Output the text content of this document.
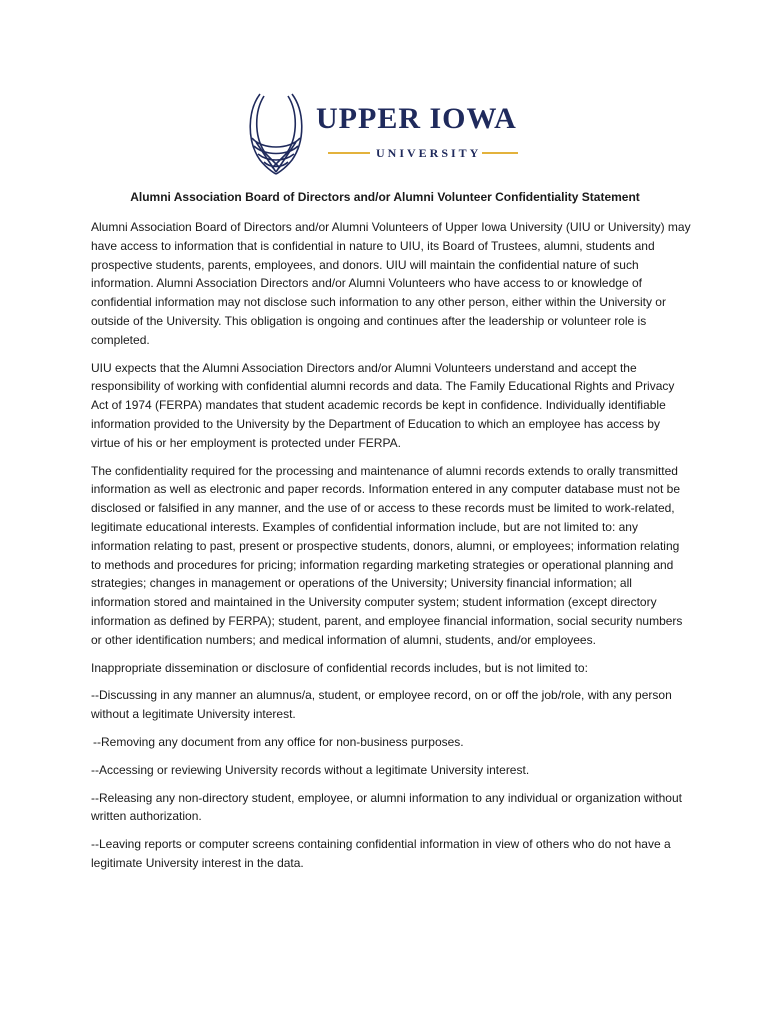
UPPER IOWA
UNIVERSITY
Alumni Association Board of Directors and/or Alumni Volunteer Confidentiality Statement

Alumni Association Board of Directors and/or Alumni Volunteers of Upper Iowa University (UIU or University) may have access to information that is confidential in nature to UIU, its Board of Trustees, alumni, students and prospective students, parents, employees, and donors. UIU will maintain the confidential nature of such information. Alumni Association Directors and/or Alumni Volunteers who have access to or knowledge of confidential information may not disclose such information to any other person, either within the University or outside of the University. This obligation is ongoing and continues after the leadership or volunteer role is completed.

UIU expects that the Alumni Association Directors and/or Alumni Volunteers understand and accept the responsibility of working with confidential alumni records and data. The Family Educational Rights and Privacy Act of 1974 (FERPA) mandates that student academic records be kept in confidence. Individually identifiable information provided to the University by the Department of Education to which an employee has access by virtue of his or her employment is protected under FERPA.

The confidentiality required for the processing and maintenance of alumni records extends to orally transmitted information as well as electronic and paper records. Information entered in any computer database must not be disclosed or falsified in any manner, and the use of or access to these records must be limited to work-related, legitimate educational interests. Examples of confidential information include, but are not limited to: any information relating to past, present or prospective students, donors, alumni, or employees; information relating to methods and procedures for pricing; information regarding marketing strategies or operational planning and strategies; changes in management or operations of the University; University financial information; all information stored and maintained in the University computer system; student information (except directory information as defined by FERPA); student, parent, and employee financial information, social security numbers or other identification numbers; and medical information of alumni, students, and/or employees.

Inappropriate dissemination or disclosure of confidential records includes, but is not limited to:

--Discussing in any manner an alumnus/a, student, or employee record, on or off the job/role, with any person without a legitimate University interest.

--Removing any document from any office for non-business purposes.

--Accessing or reviewing University records without a legitimate University interest.

--Releasing any non-directory student, employee, or alumni information to any individual or organization without written authorization.

--Leaving reports or computer screens containing confidential information in view of others who do not have a legitimate University interest in the data.
